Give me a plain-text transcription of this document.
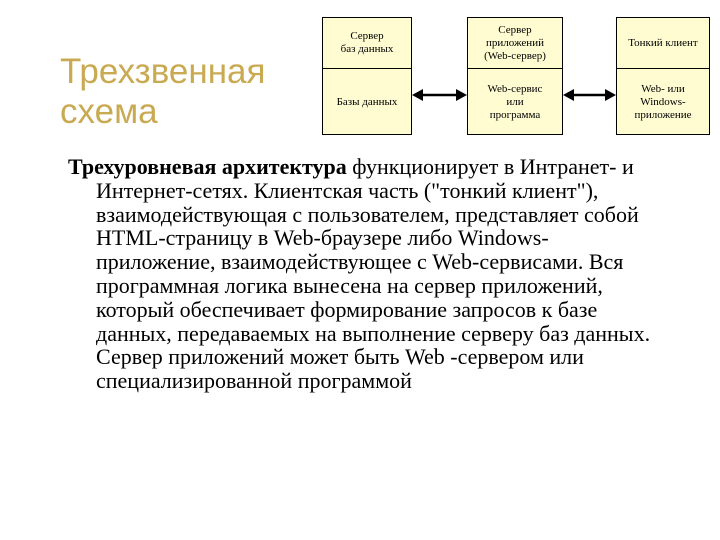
Трехзвенная
схема
Сервер
баз данных
Базы данных
Сервер
приложений
(Web-сервер)
Web-сервис
или
программа
Тонкий клиент
Web- или
Windows-
приложение

Трехуровневая архитектура функционирует в Интранет- и Интернет-сетях. Клиентская часть ("тонкий клиент"), взаимодействующая с пользователем, представляет собой HTML-страницу в Web-браузере либо Windows-приложение, взаимодействующее с Web-сервисами. Вся программная логика вынесена на сервер приложений, который обеспечивает формирование запросов к базе данных, передаваемых на выполнение серверу баз данных. Сервер приложений может быть Web -сервером или специализированной программой
